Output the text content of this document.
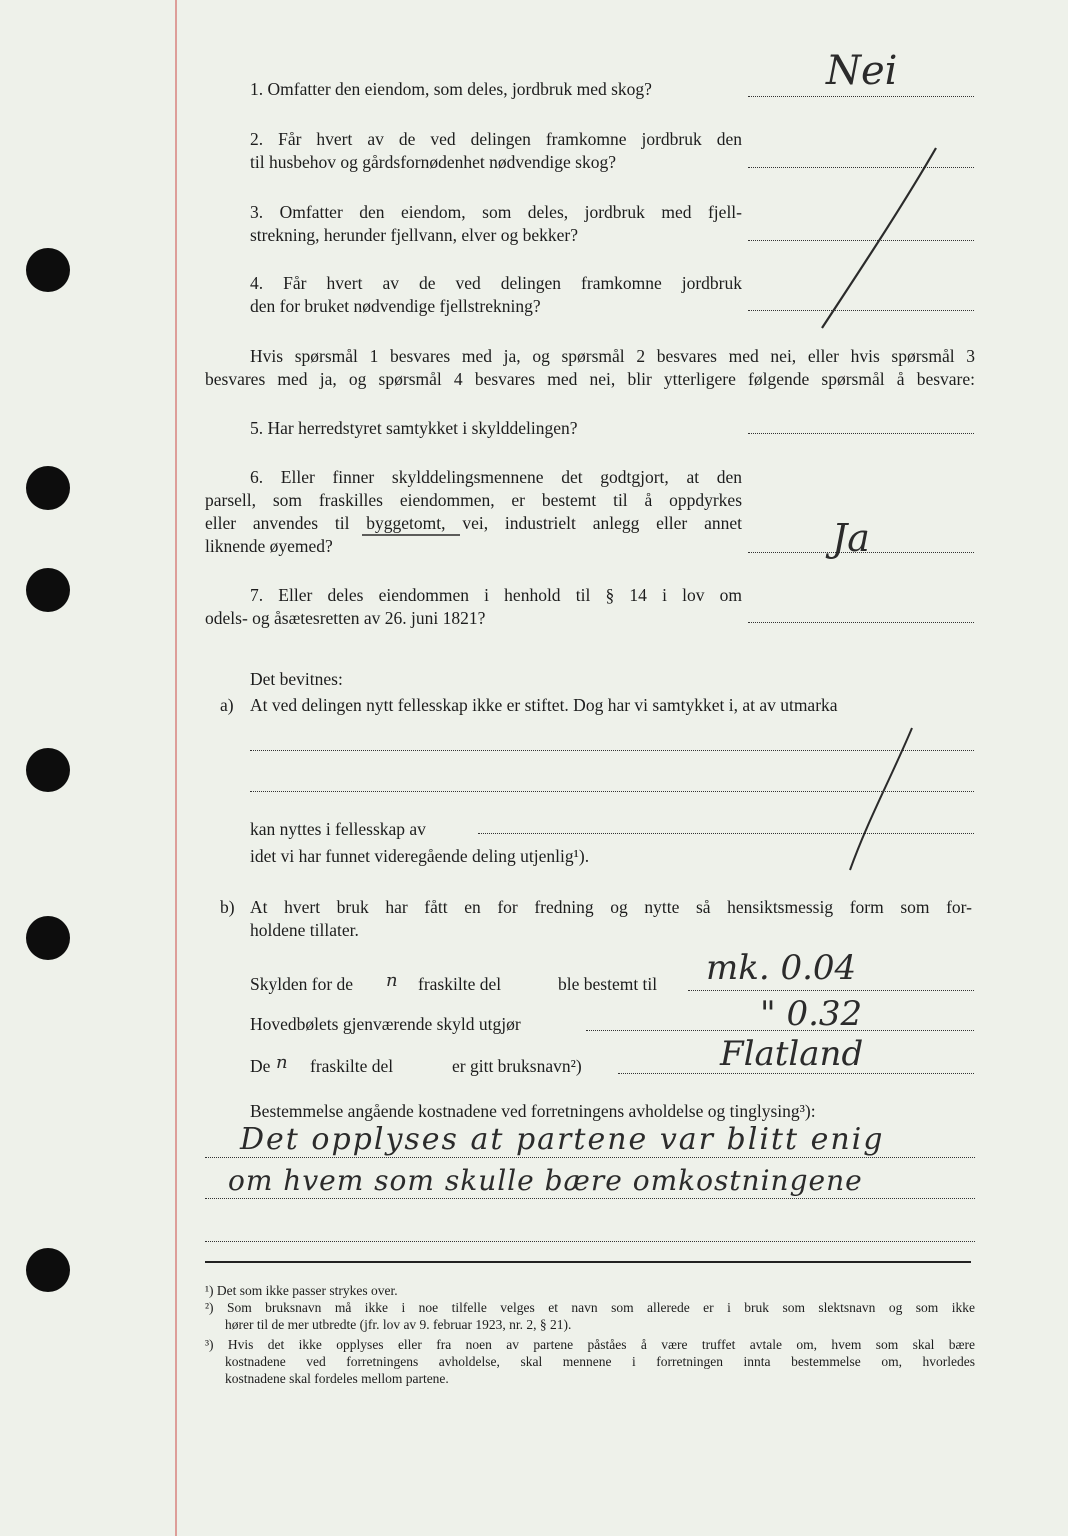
1. Omfatter den eiendom, som deles, jordbruk med skog?	Nei
2. Får hvert av de ved delingen framkomne jordbruk den
til husbehov og gårdsfornødenhet nødvendige skog?
3. Omfatter den eiendom, som deles, jordbruk med fjell-
strekning, herunder fjellvann, elver og bekker?
4. Får hvert av de ved delingen framkomne jordbruk
den for bruket nødvendige fjellstrekning?
Hvis spørsmål 1 besvares med ja, og spørsmål 2 besvares med nei, eller hvis spørsmål 3
besvares med ja, og spørsmål 4 besvares med nei, blir ytterligere følgende spørsmål å besvare:
5. Har herredstyret samtykket i skylddelingen?
6. Eller finner skylddelingsmennene det godtgjort, at den
parsell, som fraskilles eiendommen, er bestemt til å oppdyrkes
eller anvendes til byggetomt, vei, industrielt anlegg eller annet
liknende øyemed?	Ja
7. Eller deles eiendommen i henhold til § 14 i lov om
odels- og åsætesretten av 26. juni 1821?
Det bevitnes:
a) At ved delingen nytt fellesskap ikke er stiftet. Dog har vi samtykket i, at av utmarka
kan nyttes i fellesskap av
idet vi har funnet videregående deling utjenlig¹).
b) At hvert bruk har fått en for fredning og nytte så hensiktsmessig form som for-
holdene tillater.
Skylden for de n fraskilte del	ble bestemt til mk. 0.04
Hovedbølets gjenværende skyld utgjør	" 0.32
De n fraskilte del	er gitt bruksnavn²)	Flatland
Bestemmelse angående kostnadene ved forretningens avholdelse og tinglysing³):
Det opplyses at partene var blitt enig
om hvem som skulle bære omkostningene
¹) Det som ikke passer strykes over.
²) Som bruksnavn må ikke i noe tilfelle velges et navn som allerede er i bruk som slektsnavn og som ikke
hører til de mer utbredte (jfr. lov av 9. februar 1923, nr. 2, § 21).
³) Hvis det ikke opplyses eller fra noen av partene påståes å være truffet avtale om, hvem som skal bære
kostnadene ved forretningens avholdelse, skal mennene i forretningen innta bestemmelse om, hvorledes
kostnadene skal fordeles mellom partene.
